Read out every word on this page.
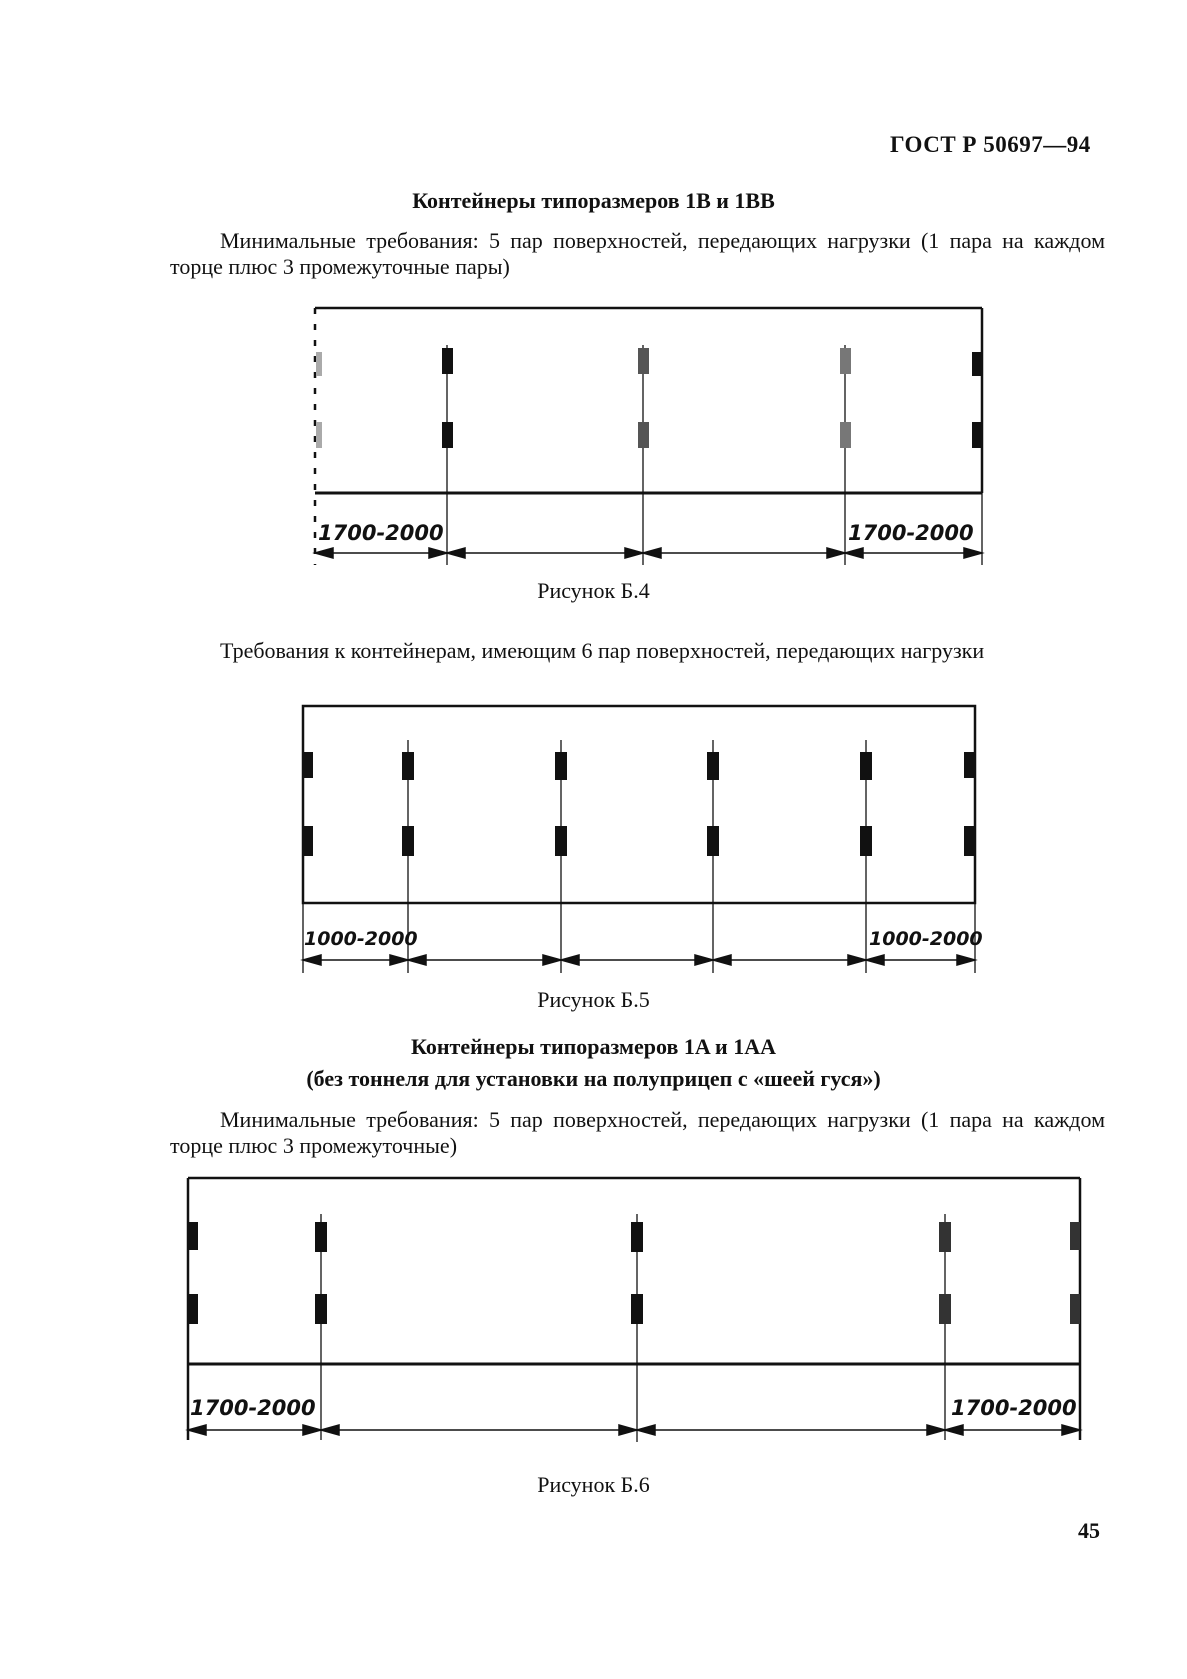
ГОСТ Р 50697—94
Контейнеры типоразмеров 1B и 1BB
Минимальные требования: 5 пар поверхностей, передающих нагрузки (1 пара на каждом торце плюс 3 промежуточные пары)
1700-2000	1700-2000
Рисунок Б.4
Требования к контейнерам, имеющим 6 пар поверхностей, передающих нагрузки
1000-2000	1000-2000
Рисунок Б.5
Контейнеры типоразмеров 1A и 1AA
(без тоннеля для установки на полуприцеп с «шеей гуся»)
Минимальные требования: 5 пар поверхностей, передающих нагрузки (1 пара на каждом торце плюс 3 промежуточные)
1700-2000	1700-2000
Рисунок Б.6
45
